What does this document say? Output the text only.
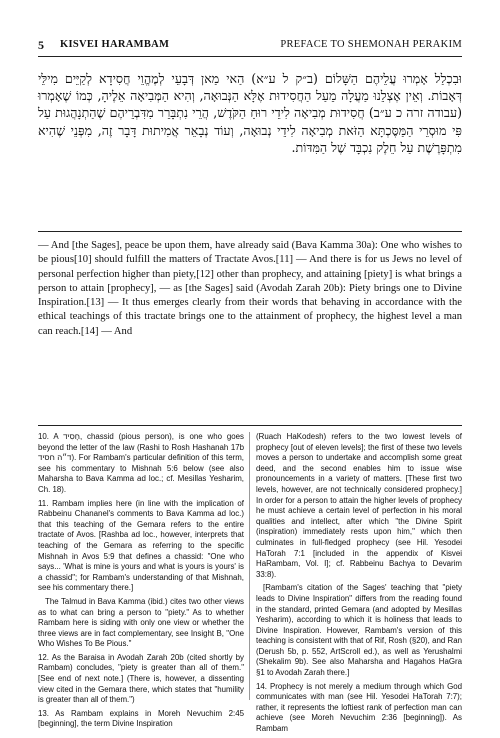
5 KISVEI HARAMBAM	PREFACE TO SHEMONAH PERAKIM

וּבִכְלַל אָמְרוּ עֲלֵיהֶם הַשָּׁלוֹם (ב״ק ל ע״א) הַאי מַאן דְּבָעֵי לְמֶהֱוֵי חֲסִידָא לְקַיֵּים מִילֵּי דְּאָבוֹת. וְאֵין אֶצְלֵנוּ מַעֲלָה מֵעַל הַחֲסִידוּת אֶלָּא הַנְּבוּאָה, וְהִיא הַמְּבִיאָה אֵלֶיהָ, כְּמוֹ שֶׁאָמְרוּ (עבודה זרה כ ע״ב) חֲסִידוּת מְבִיאָה לִידֵי רוּחַ הַקֹּדֶשׁ, הֲרֵי נִתְבָּרֵר מִדִּבְרֵיהֶם שֶׁהַתְנָהֲגוּת עַל פִּי מוּסְרֵי הַמַּסֶּכְתָּא הַזֹּאת מְבִיאָה לִידֵי נְבוּאָה, וְעוֹד נְבָאֵר אֲמִיתוּת דָּבָר זֶה, מִפְּנֵי שֶׁהִיא מִתְפָּרֶשֶׁת עַל חֵלֶק נִכְבָּד שֶׁל הַמִּדּוֹת.

— And [the Sages], peace be upon them, have already said (Bava Kamma 30a): One who wishes to be pious[10] should fulfill the matters of Tractate Avos.[11] — And there is for us Jews no level of personal perfection higher than piety,[12] other than prophecy, and attaining [piety] is what brings a person to attain [prophecy], — as [the Sages] said (Avodah Zarah 20b): Piety brings one to Divine Inspiration.[13] — It thus emerges clearly from their words that behaving in accordance with the ethical teachings of this tractate brings one to the attainment of prophecy, the highest level a man can reach.[14] — And

10. A חָסִיד, chassid (pious person), is one who goes beyond the letter of the law (Rashi to Rosh Hashanah 17b ד״ה חסיד). For Rambam's particular definition of this term, see his commentary to Mishnah 5:6 below (see also Maharsha to Bava Kamma ad loc.; cf. Mesillas Yesharim, Ch. 18).

11. Rambam implies here (in line with the implication of Rabbeinu Chananel's comments to Bava Kamma ad loc.) that this teaching of the Gemara refers to the entire tractate of Avos. [Rashba ad loc., however, interprets that teaching of the Gemara as referring to the specific Mishnah in Avos 5:9 that defines a chassid: "One who says... 'What is mine is yours and what is yours is yours' is a chassid"; for Rambam's understanding of that Mishnah, see his commentary there.]

The Talmud in Bava Kamma (ibid.) cites two other views as to what can bring a person to "piety." As to whether Rambam here is siding with only one view or whether the three views are in fact complementary, see Insight B, "One Who Wishes To Be Pious."

12. As the Baraisa in Avodah Zarah 20b (cited shortly by Rambam) concludes, "piety is greater than all of them." [See end of next note.] (There is, however, a dissenting view cited in the Gemara there, which states that "humility is greater than all of them.")

13. As Rambam explains in Moreh Nevuchim 2:45 [beginning], the term Divine Inspiration

(Ruach HaKodesh) refers to the two lowest levels of prophecy [out of eleven levels]; the first of these two levels moves a person to undertake and accomplish some great deed, and the second enables him to issue wise pronouncements in a variety of matters. [These first two levels, however, are not technically considered prophecy.] In order for a person to attain the higher levels of prophecy he must achieve a certain level of perfection in his moral qualities and intellect, after which "the Divine Spirit (inspiration) immediately rests upon him," which then culminates in full-fledged prophecy (see Hil. Yesodei HaTorah 7:1 [included in the appendix of Kisvei HaRambam, Vol. I]; cf. Rabbeinu Bachya to Devarim 33:8).

[Rambam's citation of the Sages' teaching that "piety leads to Divine Inspiration" differs from the reading found in the standard, printed Gemara (and adopted by Mesillas Yesharim), according to which it is holiness that leads to Divine Inspiration. However, Rambam's version of this teaching is consistent with that of Rif, Rosh (§20), and Ran (Derush 5b, p. 552, ArtScroll ed.), as well as Yerushalmi (Shekalim 9b). See also Maharsha and Hagahos HaGra §1 to Avodah Zarah there.]

14. Prophecy is not merely a medium through which God communicates with man (see Hil. Yesodei HaTorah 7:7); rather, it represents the loftiest rank of perfection man can achieve (see Moreh Nevuchim 2:36 [beginning]). As Rambam
